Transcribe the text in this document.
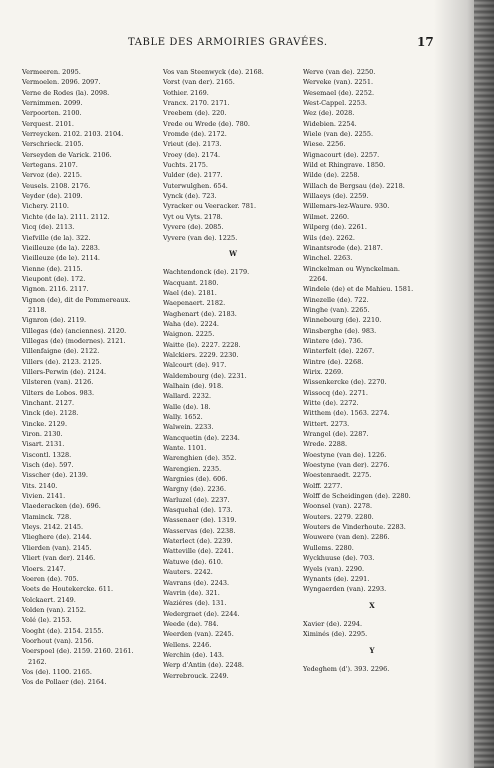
TABLE DES ARMOIRIES GRAVÉES.	17
Vermeeren. 2095.
Vermoelen. 2096. 2097.
Verne de Rodes (la). 2098.
Vernimmen. 2099.
Verpoorten. 2100.
Verquest. 2101.
Verreycken. 2102. 2103. 2104.
Verschrieck. 2105.
Verseyden de Varick. 2106.
Vertegans. 2107.
Vervoz (de). 2215.
Veusels. 2108. 2176.
Veyder (de). 2109.
Vichery. 2110.
Vichte (de la). 2111. 2112.
Vicq (de). 2113.
Viefville (de la). 322.
Vieilleuze (de la). 2283.
Vieilleuze (de le). 2114.
Vienne (de). 2115.
Vieupont (de). 172.
Vignon. 2116. 2117.
Vignon (de), dit de Pommereaux.
2118.
Vignron (de). 2119.
Villegas (de) (anciennes). 2120.
Villegas (de) (modernes). 2121.
Villenfaigne (de). 2122.
Villers (de). 2123. 2125.
Villers-Perwin (de). 2124.
Vilsteren (van). 2126.
Vilters de Lobos. 983.
Vinchant. 2127.
Vinck (de). 2128.
Vincke. 2129.
Viron. 2130.
Visart. 2131.
Viscontl. 1328.
Visch (de). 597.
Visscher (de). 2139.
Vits. 2140.
Vivien. 2141.
Vlaederacken (de). 696.
Vlaminck. 728.
Vleys. 2142. 2145.
Vlieghere (de). 2144.
Vlierden (van). 2145.
Vliert (van der). 2146.
Vloers. 2147.
Voeren (de). 705.
Voets de Houtekercke. 611.
Volckaert. 2149.
Volden (van). 2152.
Volé (le). 2153.
Vooght (de). 2154. 2155.
Voorhout (van). 2156.
Voerspoel (de). 2159. 2160. 2161.
2162.
Vos (de). 1100. 2165.
Vos de Pollaer (de). 2164.
Vos van Steenwyck (de). 2168.
Vorst (van der). 2165.
Vothier. 2169.
Vrancx. 2170. 2171.
Vreebem (de). 220.
Vrede ou Wrede (de). 780.
Vromde (de). 2172.
Vrieut (de). 2173.
Vroey (de). 2174.
Vuchts. 2175.
Vulder (de). 2177.
Vuterwulghen. 654.
Vynck (de). 723.
Vyracker ou Veeracker. 781.
Vyt ou Vyts. 2178.
Vyvere (de). 2085.
Vyvere (van de). 1225.
W
Wachtendonck (de). 2179.
Wacquant. 2180.
Wael (de). 2181.
Waepenaert. 2182.
Waghenart (de). 2183.
Waha (de). 2224.
Waignon. 2225.
Waitte (le). 2227. 2228.
Walckiers. 2229. 2230.
Walcourt (de). 917.
Waldembourg (de). 2231.
Walhain (de). 918.
Wallard. 2232.
Walle (de). 18.
Wally. 1652.
Walwein. 2233.
Wancquetin (de). 2234.
Wante. 1101.
Warenghien (de). 352.
Warengien. 2235.
Wargnies (de). 606.
Wargny (de). 2236.
Warluzel (de). 2237.
Wasquehal (de). 173.
Wassenaer (de). 1319.
Wasservas (de). 2238.
Waterlect (de). 2239.
Watteville (de). 2241.
Watuwe (de). 610.
Wauters. 2242.
Wavrans (de). 2243.
Wavrin (de). 321.
Waziéres (de). 131.
Wedergraet (de). 2244.
Weede (de). 784.
Weerden (van). 2245.
Wellens. 2246.
Werchin (de). 143.
Werp d'Antin (de). 2248.
Werrebrouck. 2249.
Werve (van de). 2250.
Werveke (van). 2251.
Wesemael (de). 2252.
West-Cappel. 2253.
Wez (de). 2028.
Widebien. 2254.
Wiele (van de). 2255.
Wiese. 2256.
Wignacourt (de). 2257.
Wild et Rhingrave. 1850.
Wilde (de). 2258.
Willach de Bergsau (de). 2218.
Willaeys (de). 2259.
Willemars-lez-Waure. 930.
Wilmet. 2260.
Wilperg (de). 2261.
Wils (de). 2262.
Winantsrode (de). 2187.
Winchel. 2263.
Winckelman ou Wynckelman.
2264.
Windele (de) et de Mahieu. 1581.
Winezelle (de). 722.
Winghe (van). 2265.
Winnebourg (de). 2210.
Winsberghe (de). 983.
Wintere (de). 736.
Winterfelt (de). 2267.
Wintre (de). 2268.
Wirix. 2269.
Wissenkercke (de). 2270.
Wissocq (de). 2271.
Witte (de). 2272.
Witthem (de). 1563. 2274.
Wittert. 2273.
Wrangel (de). 2287.
Wrede. 2288.
Woestyne (van de). 1226.
Woestyne (van der). 2276.
Woestenraedt. 2275.
Wolff. 2277.
Wolff de Scheidingen (de). 2280.
Woonsel (van). 2278.
Wouters. 2279. 2280.
Wouters de Vinderhoute. 2283.
Wouwere (van den). 2286.
Wullems. 2280.
Wyckhuuse (de). 703.
Wyels (van). 2290.
Wynants (de). 2291.
Wyngaerden (van). 2293.
X
Xavier (de). 2294.
Ximinés (de). 2295.
Y
Yedeghem (d'). 393. 2296.
